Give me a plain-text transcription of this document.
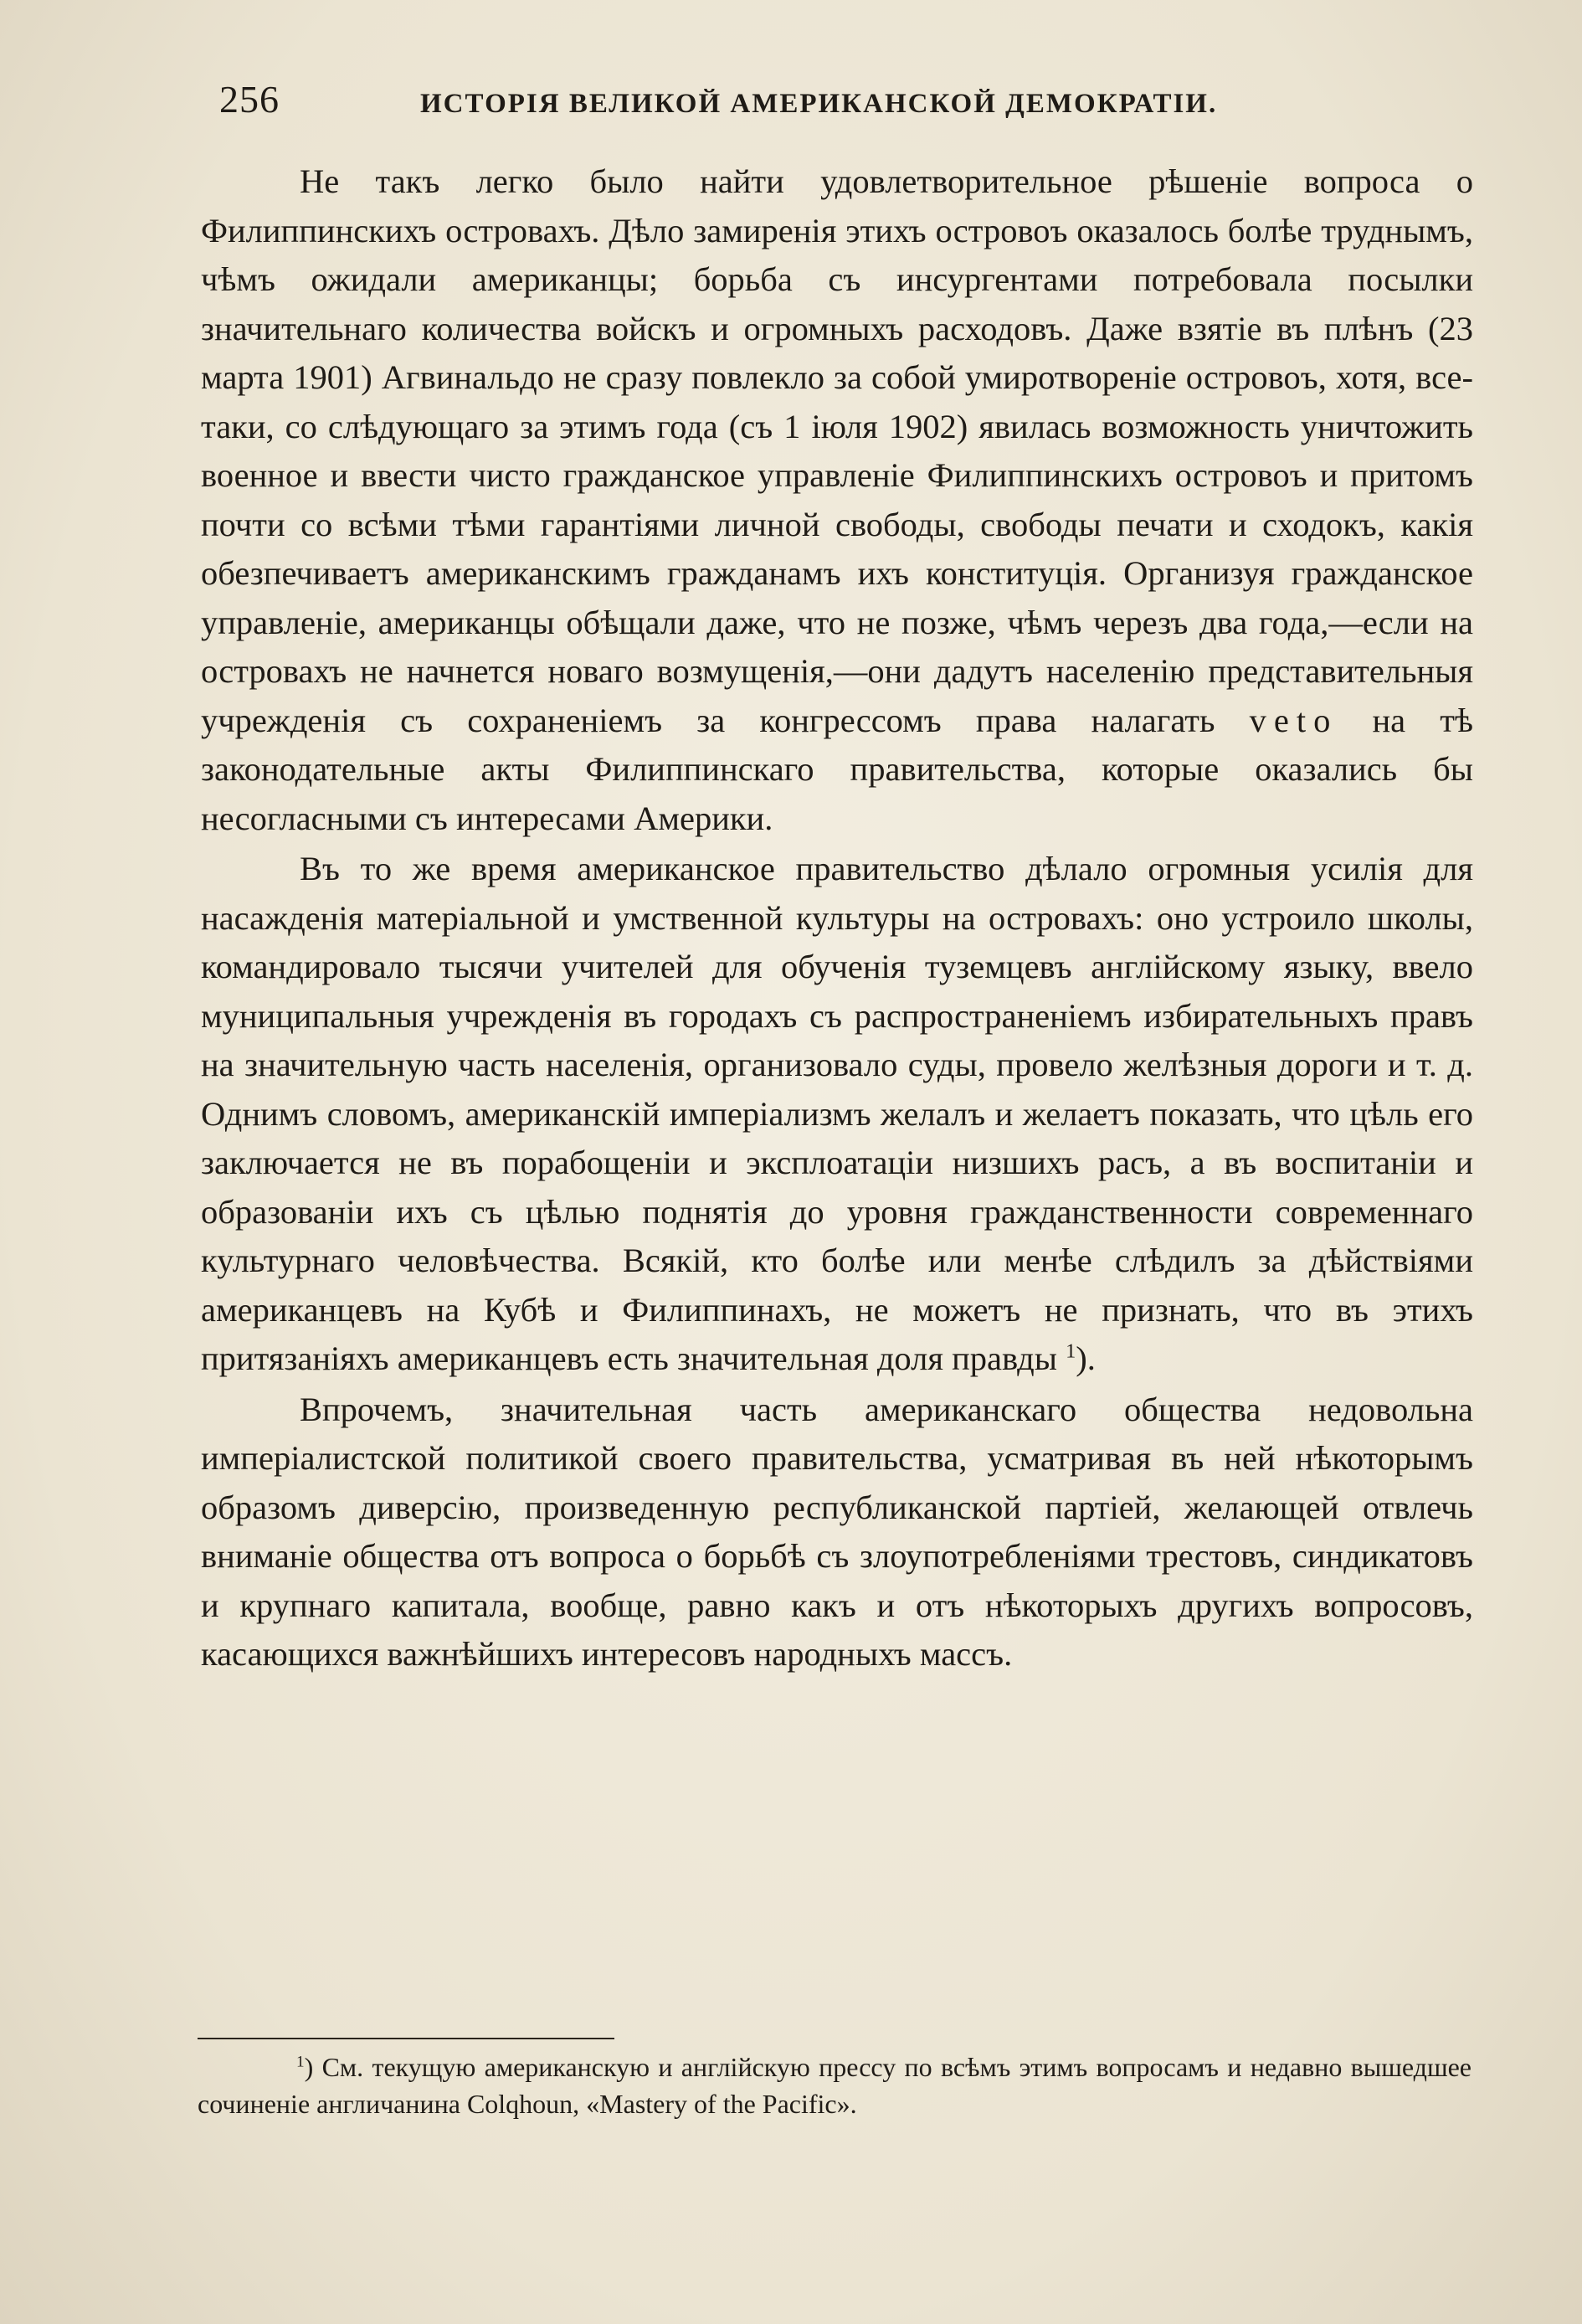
256	ИСТОРІЯ ВЕЛИКОЙ АМЕРИКАНСКОЙ ДЕМОКРАТІИ.

Не такъ легко было найти удовлетворительное рѣшеніе вопроса о Филиппинскихъ островахъ. Дѣло замиренія этихъ островоъ оказалось болѣе труднымъ, чѣмъ ожидали американцы; борьба съ инсургентами потребовала посылки значительнаго количества войскъ и огромныхъ расходовъ. Даже взятіе въ плѣнъ (23 марта 1901) Агвинальдо не сразу повлекло за собой умиротвореніе островоъ, хотя, все-таки, со слѣдующаго за этимъ года (съ 1 іюля 1902) явилась возможность уничтожить военное и ввести чисто гражданское управленіе Филиппинскихъ островоъ и притомъ почти со всѣми тѣми гарантіями личной свободы, свободы печати и сходокъ, какія обезпечиваетъ американскимъ гражданамъ ихъ конституція. Организуя гражданское управленіе, американцы обѣщали даже, что не позже, чѣмъ черезъ два года,—если на островахъ не начнется новаго возмущенія,—они дадутъ населенію представительныя учрежденія съ сохраненіемъ за конгрессомъ права налагать veto на тѣ законодательные акты Филиппинскаго правительства, которые оказались бы несогласными съ интересами Америки.

Въ то же время американское правительство дѣлало огромныя усилія для насажденія матеріальной и умственной культуры на островахъ: оно устроило школы, командировало тысячи учителей для обученія туземцевъ англійскому языку, ввело муниципальныя учрежденія въ городахъ съ распространеніемъ избирательныхъ правъ на значительную часть населенія, организовало суды, провело желѣзныя дороги и т. д. Однимъ словомъ, американскій имперіализмъ желалъ и желаетъ показать, что цѣль его заключается не въ порабощеніи и эксплоатаціи низшихъ расъ, а въ воспитаніи и образованіи ихъ съ цѣлью поднятія до уровня гражданственности современнаго культурнаго человѣчества. Всякій, кто болѣе или менѣе слѣдилъ за дѣйствіями американцевъ на Кубѣ и Филиппинахъ, не можетъ не признать, что въ этихъ притязаніяхъ американцевъ есть значительная доля правды $^1$).

Впрочемъ, значительная часть американскаго общества недовольна имперіалистской политикой своего правительства, усматривая въ ней нѣкоторымъ образомъ диверсію, произведенную республиканской партіей, желающей отвлечь вниманіе общества отъ вопроса о борьбѣ съ злоупотребленіями трестовъ, синдикатовъ и крупнаго капитала, вообще, равно какъ и отъ нѣкоторыхъ другихъ вопросовъ, касающихся важнѣйшихъ интересовъ народныхъ массъ.

$^1$) См. текущую американскую и англійскую прессу по всѣмъ этимъ вопросамъ и недавно вышедшее сочиненіе англичанина Colqhoun, «Mastery of the Pacific».
